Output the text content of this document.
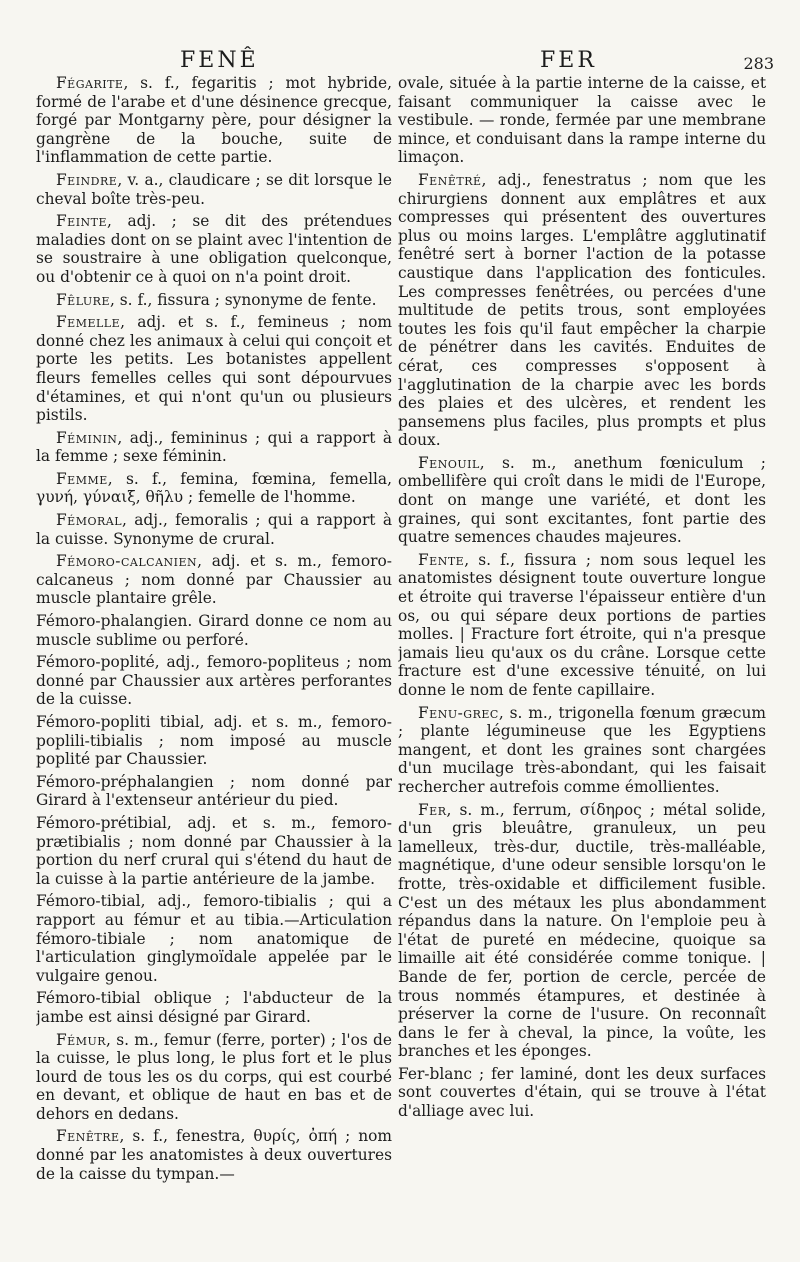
FENÊ	FER	283

Fégarite, s. f., fegaritis ; mot hybride, formé de l'arabe et d'une désinence grecque, forgé par Montgarny père, pour désigner la gangrène de la bouche, suite de l'inflammation de cette partie.

Feindre, v. a., claudicare ; se dit lorsque le cheval boîte très-peu.

Feinte, adj. ; se dit des prétendues maladies dont on se plaint avec l'intention de se soustraire à une obligation quelconque, ou d'obtenir ce à quoi on n'a point droit.

Fêlure, s. f., fissura ; synonyme de fente.

Femelle, adj. et s. f., femineus ; nom donné chez les animaux à celui qui conçoit et porte les petits. Les botanistes appellent fleurs femelles celles qui sont dépourvues d'étamines, et qui n'ont qu'un ou plusieurs pistils.

Féminin, adj., femininus ; qui a rapport à la femme ; sexe féminin.

Femme, s. f., femina, fœmina, femella, γυνή, γύναιξ, θῆλυ ; femelle de l'homme.

Fémoral, adj., femoralis ; qui a rapport à la cuisse. Synonyme de crural.

Fémoro-calcanien, adj. et s. m., femoro-calcaneus ; nom donné par Chaussier au muscle plantaire grêle.

Fémoro-phalangien. Girard donne ce nom au muscle sublime ou perforé.

Fémoro-poplité, adj., femoro-popliteus ; nom donné par Chaussier aux artères perforantes de la cuisse.

Fémoro-popliti tibial, adj. et s. m., femoro-poplili-tibialis ; nom imposé au muscle poplité par Chaussier.

Fémoro-préphalangien ; nom donné par Girard à l'extenseur antérieur du pied.

Fémoro-prétibial, adj. et s. m., femoro-prætibialis ; nom donné par Chaussier à la portion du nerf crural qui s'étend du haut de la cuisse à la partie antérieure de la jambe.

Fémoro-tibial, adj., femoro-tibialis ; qui a rapport au fémur et au tibia.—Articulation fémoro-tibiale ; nom anatomique de l'articulation ginglymoïdale appelée par le vulgaire genou.

Fémoro-tibial oblique ; l'abducteur de la jambe est ainsi désigné par Girard.

Fémur, s. m., femur (ferre, porter) ; l'os de la cuisse, le plus long, le plus fort et le plus lourd de tous les os du corps, qui est courbé en devant, et oblique de haut en bas et de dehors en dedans.

Fenêtre, s. f., fenestra, θυρίς, ὀπή ; nom donné par les anatomistes à deux ouvertures de la caisse du tympan.—

ovale, située à la partie interne de la caisse, et faisant communiquer la caisse avec le vestibule. — ronde, fermée par une membrane mince, et conduisant dans la rampe interne du limaçon.

Fenêtré, adj., fenestratus ; nom que les chirurgiens donnent aux emplâtres et aux compresses qui présentent des ouvertures plus ou moins larges. L'emplâtre agglutinatif fenêtré sert à borner l'action de la potasse caustique dans l'application des fonticules. Les compresses fenêtrées, ou percées d'une multitude de petits trous, sont employées toutes les fois qu'il faut empêcher la charpie de pénétrer dans les cavités. Enduites de cérat, ces compresses s'opposent à l'agglutination de la charpie avec les bords des plaies et des ulcères, et rendent les pansemens plus faciles, plus prompts et plus doux.

Fenouil, s. m., anethum fœniculum ; ombellifère qui croît dans le midi de l'Europe, dont on mange une variété, et dont les graines, qui sont excitantes, font partie des quatre semences chaudes majeures.

Fente, s. f., fissura ; nom sous lequel les anatomistes désignent toute ouverture longue et étroite qui traverse l'épaisseur entière d'un os, ou qui sépare deux portions de parties molles. | Fracture fort étroite, qui n'a presque jamais lieu qu'aux os du crâne. Lorsque cette fracture est d'une excessive ténuité, on lui donne le nom de fente capillaire.

Fenu-grec, s. m., trigonella fœnum græcum ; plante légumineuse que les Egyptiens mangent, et dont les graines sont chargées d'un mucilage très-abondant, qui les faisait rechercher autrefois comme émollientes.

Fer, s. m., ferrum, σίδηρος ; métal solide, d'un gris bleuâtre, granuleux, un peu lamelleux, très-dur, ductile, très-malléable, magnétique, d'une odeur sensible lorsqu'on le frotte, très-oxidable et difficilement fusible. C'est un des métaux les plus abondamment répandus dans la nature. On l'emploie peu à l'état de pureté en médecine, quoique sa limaille ait été considérée comme tonique. | Bande de fer, portion de cercle, percée de trous nommés étampures, et destinée à préserver la corne de l'usure. On reconnaît dans le fer à cheval, la pince, la voûte, les branches et les éponges.

Fer-blanc ; fer laminé, dont les deux surfaces sont couvertes d'étain, qui se trouve à l'état d'alliage avec lui.
